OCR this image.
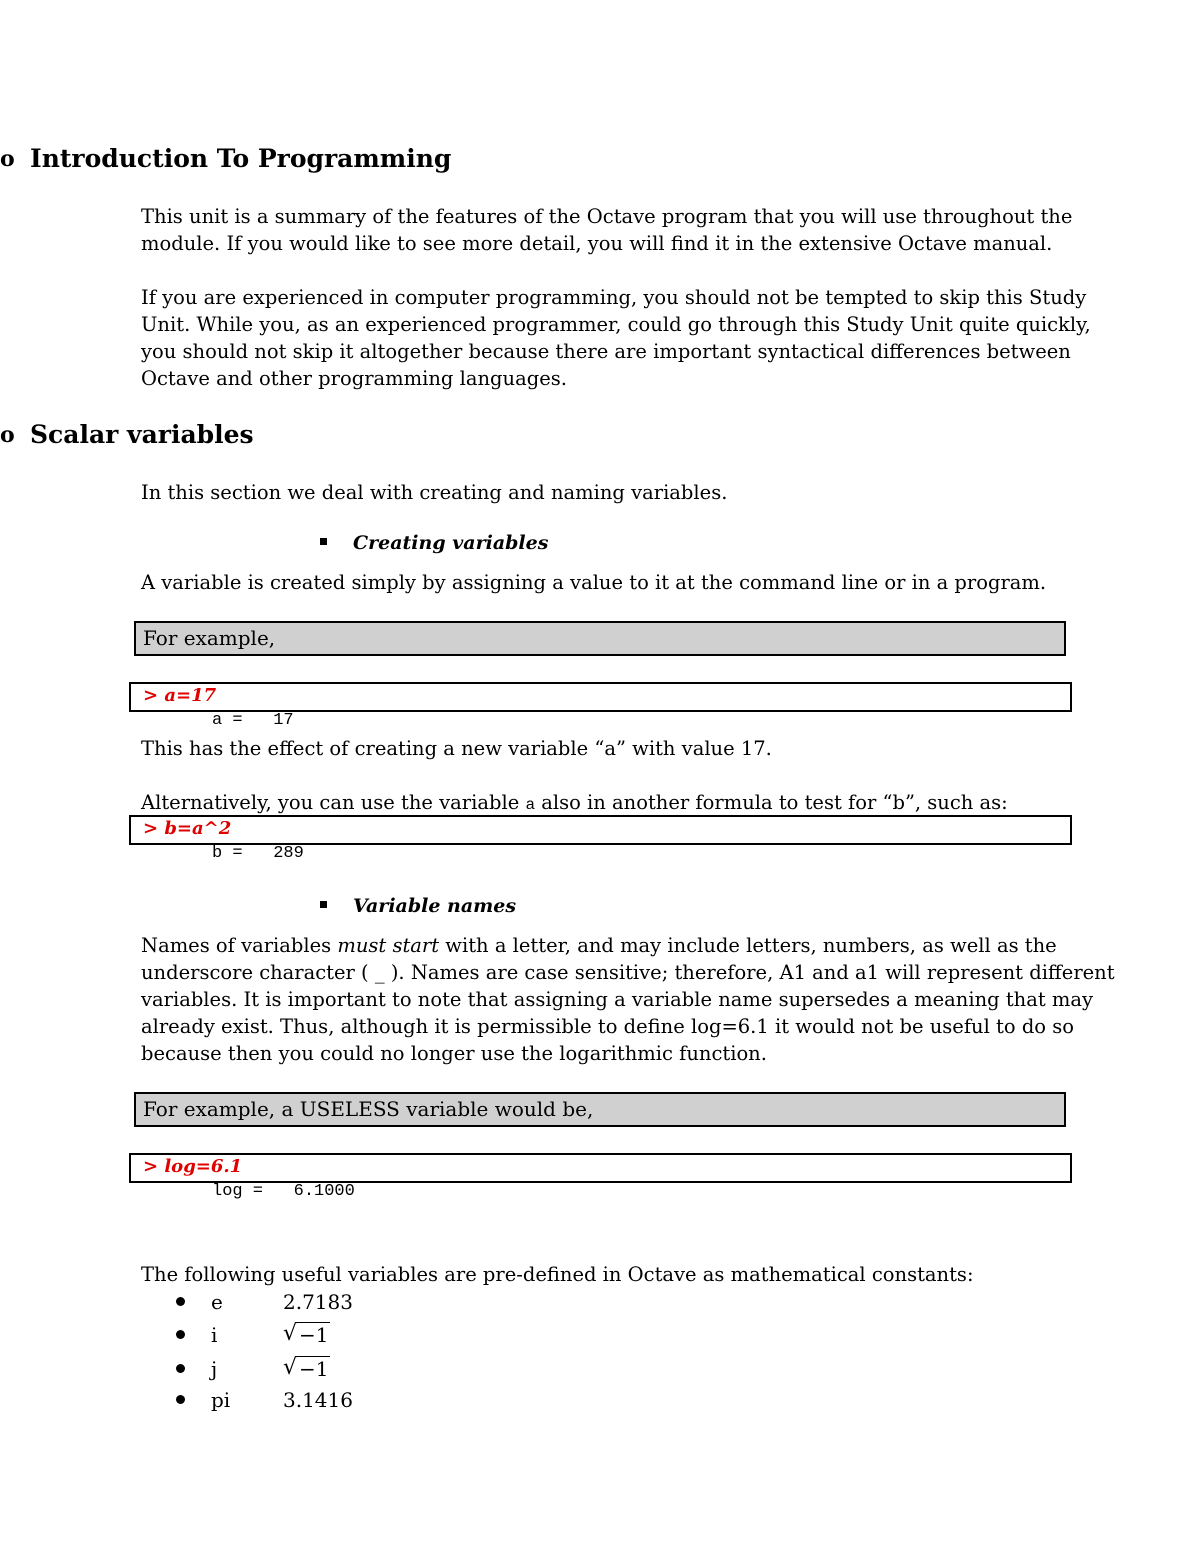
o Introduction To Programming
This unit is a summary of the features of the Octave program that you will use throughout the
module. If you would like to see more detail, you will find it in the extensive Octave manual.
If you are experienced in computer programming, you should not be tempted to skip this Study
Unit. While you, as an experienced programmer, could go through this Study Unit quite quickly,
you should not skip it altogether because there are important syntactical differences between
Octave and other programming languages.
o Scalar variables
In this section we deal with creating and naming variables.
Creating variables
A variable is created simply by assigning a value to it at the command line or in a program.
For example,
> a=17
a =   17
This has the effect of creating a new variable “a” with value 17.
Alternatively, you can use the variable a also in another formula to test for “b”, such as:
> b=a^2
b =   289
Variable names
Names of variables must start with a letter, and may include letters, numbers, as well as the
underscore character ( _ ). Names are case sensitive; therefore, A1 and a1 will represent different
variables. It is important to note that assigning a variable name supersedes a meaning that may
already exist. Thus, although it is permissible to define log=6.1 it would not be useful to do so
because then you could no longer use the logarithmic function.
For example, a USELESS variable would be,
> log=6.1
log =   6.1000
The following useful variables are pre-defined in Octave as mathematical constants:
e	2.7183
i	√ −1
j	√ −1
pi	3.1416
